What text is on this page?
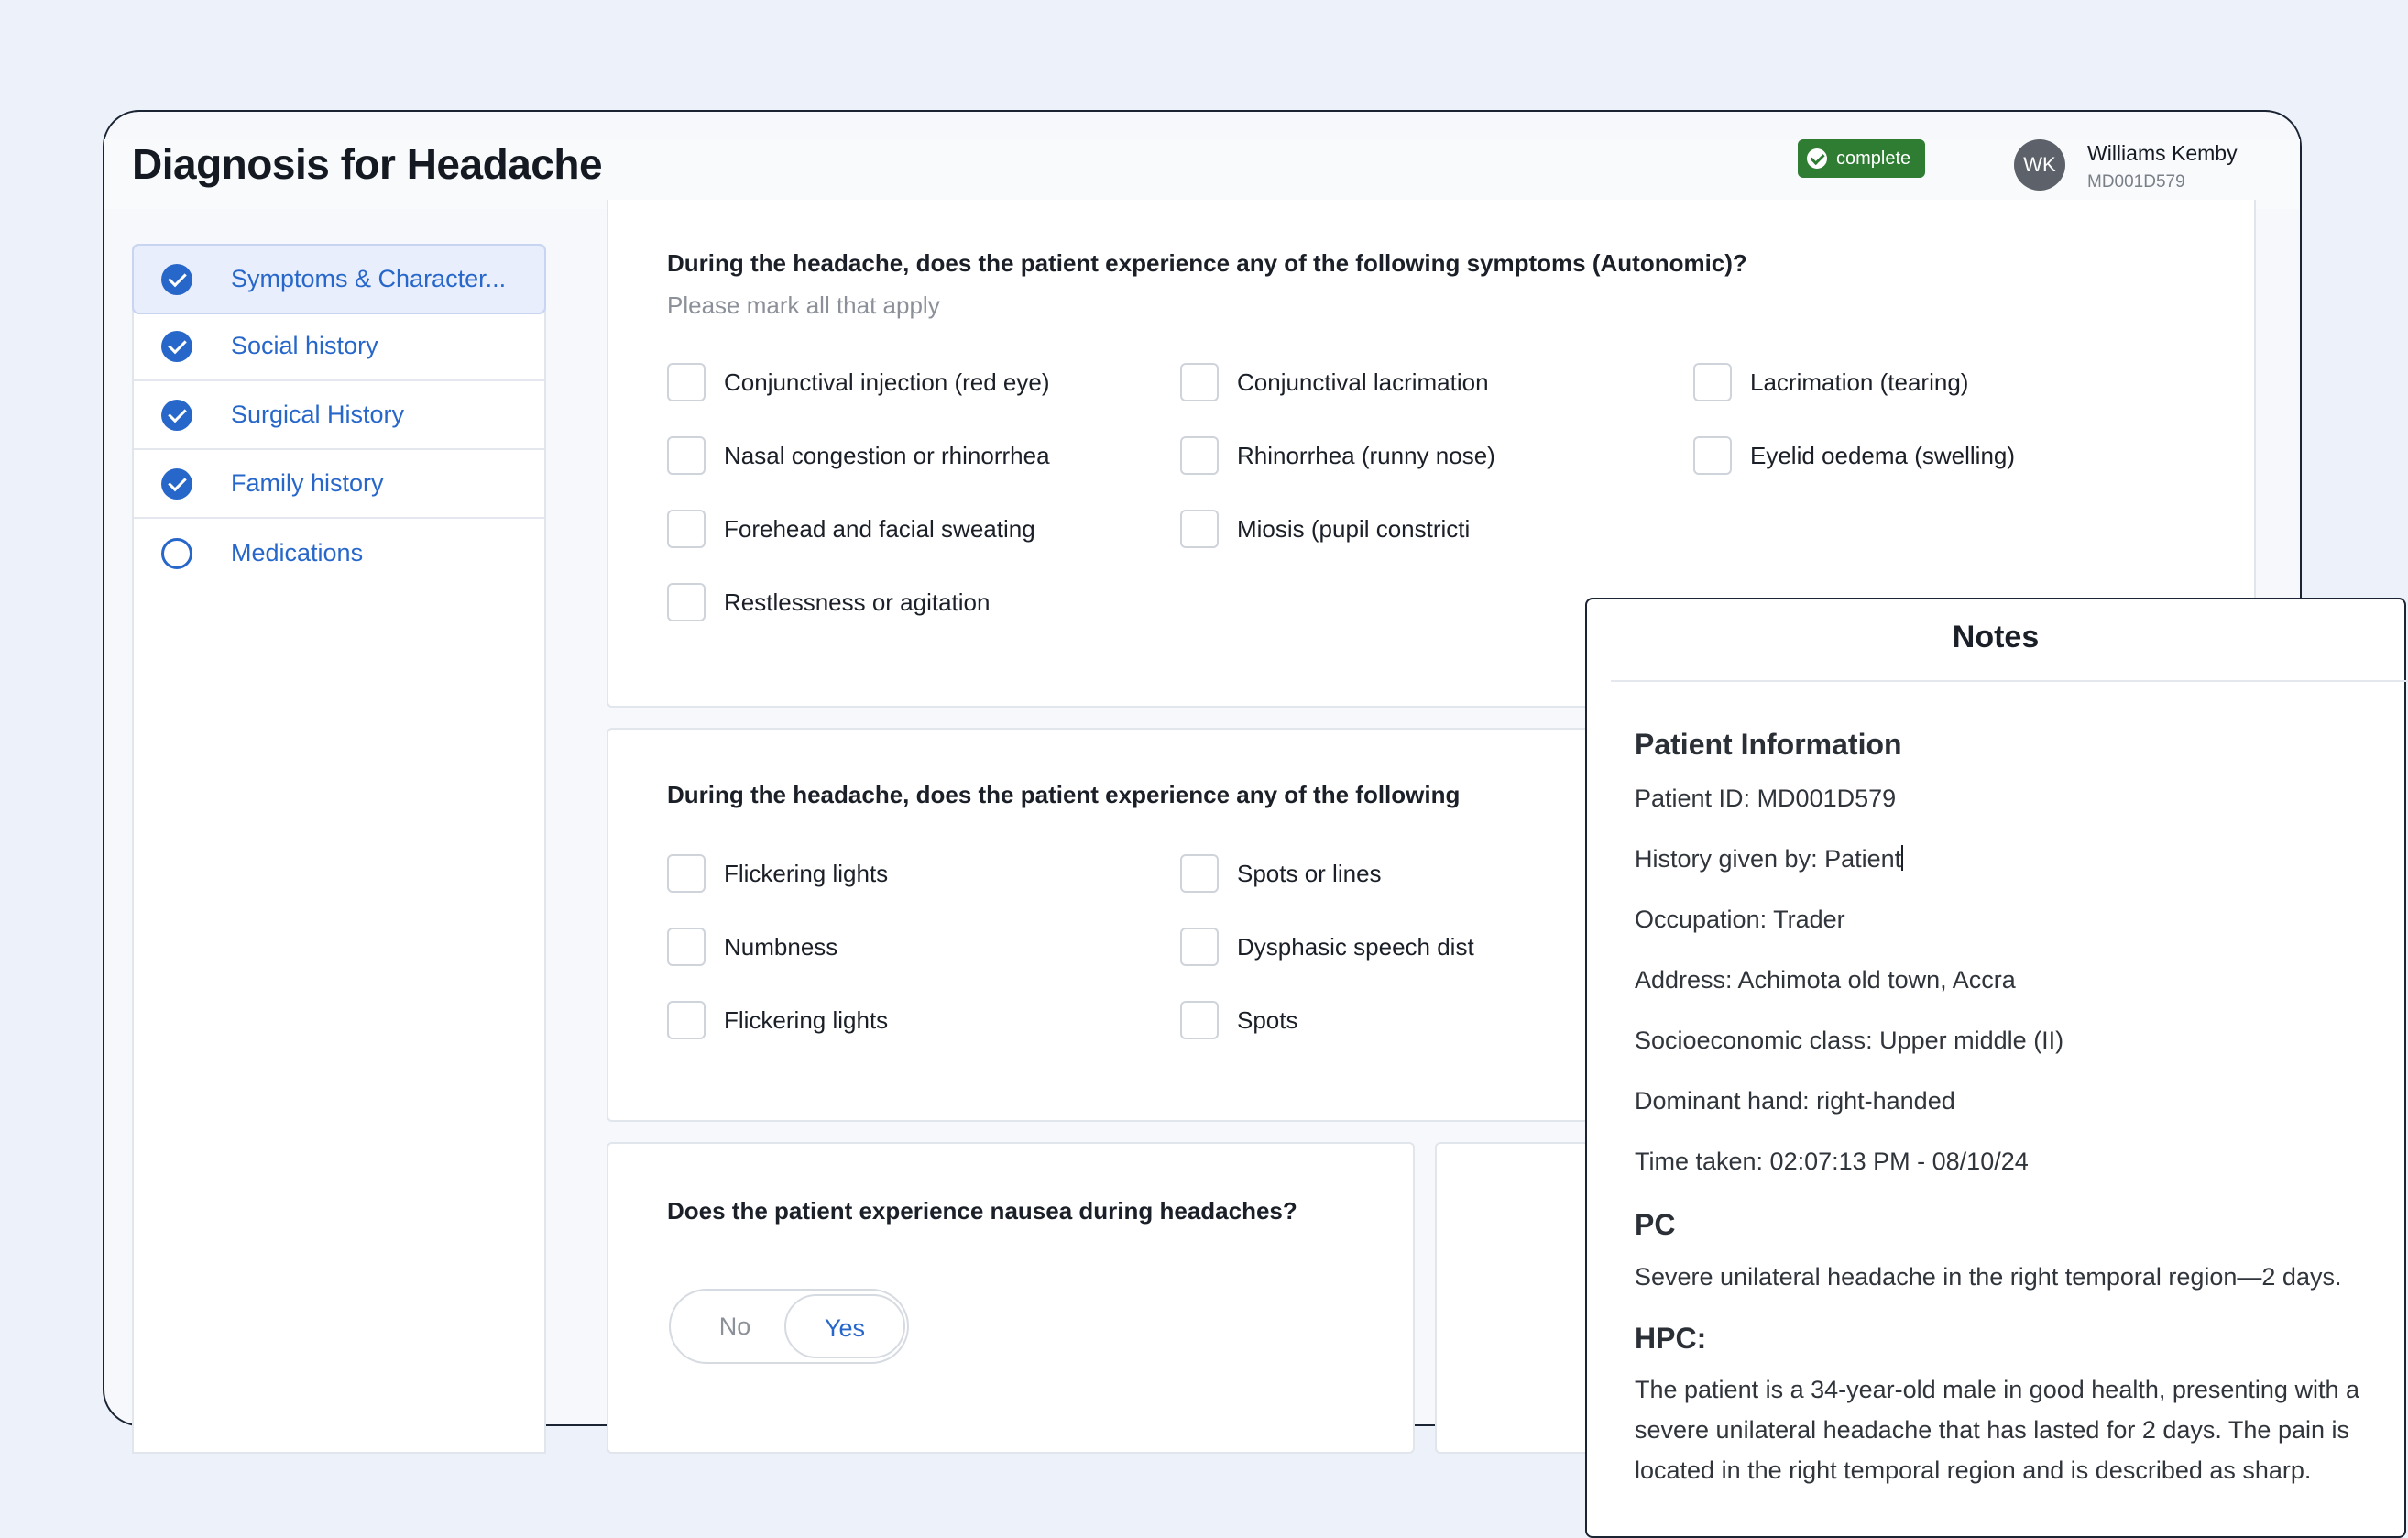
Diagnosis for Headache	complete	WK	Williams Kemby
MD001D579
Symptoms & Character...
Social history
Surgical History
Family history
Medications
During the headache, does the patient experience any of the following symptoms (Autonomic)?
Please mark all that apply
Conjunctival injection (red eye)	Conjunctival lacrimation	Lacrimation (tearing)
Nasal congestion or rhinorrhea	Rhinorrhea (runny nose)	Eyelid oedema (swelling)
Forehead and facial sweating	Miosis (pupil constricti
Restlessness or agitation
During the headache, does the patient experience any of the following
Flickering lights	Spots or lines
Numbness	Dysphasic speech dist
Flickering lights	Spots
Does the patient experience nausea during headaches?
No	Yes
Notes
Patient Information
Patient ID: MD001D579
History given by: Patient
Occupation: Trader
Address: Achimota old town, Accra
Socioeconomic class: Upper middle (II)
Dominant hand: right-handed
Time taken: 02:07:13 PM - 08/10/24
PC
Severe unilateral headache in the right temporal region—2 days.
HPC:
The patient is a 34-year-old male in good health, presenting with a severe unilateral headache that has lasted for 2 days. The pain is located in the right temporal region and is described as sharp.
